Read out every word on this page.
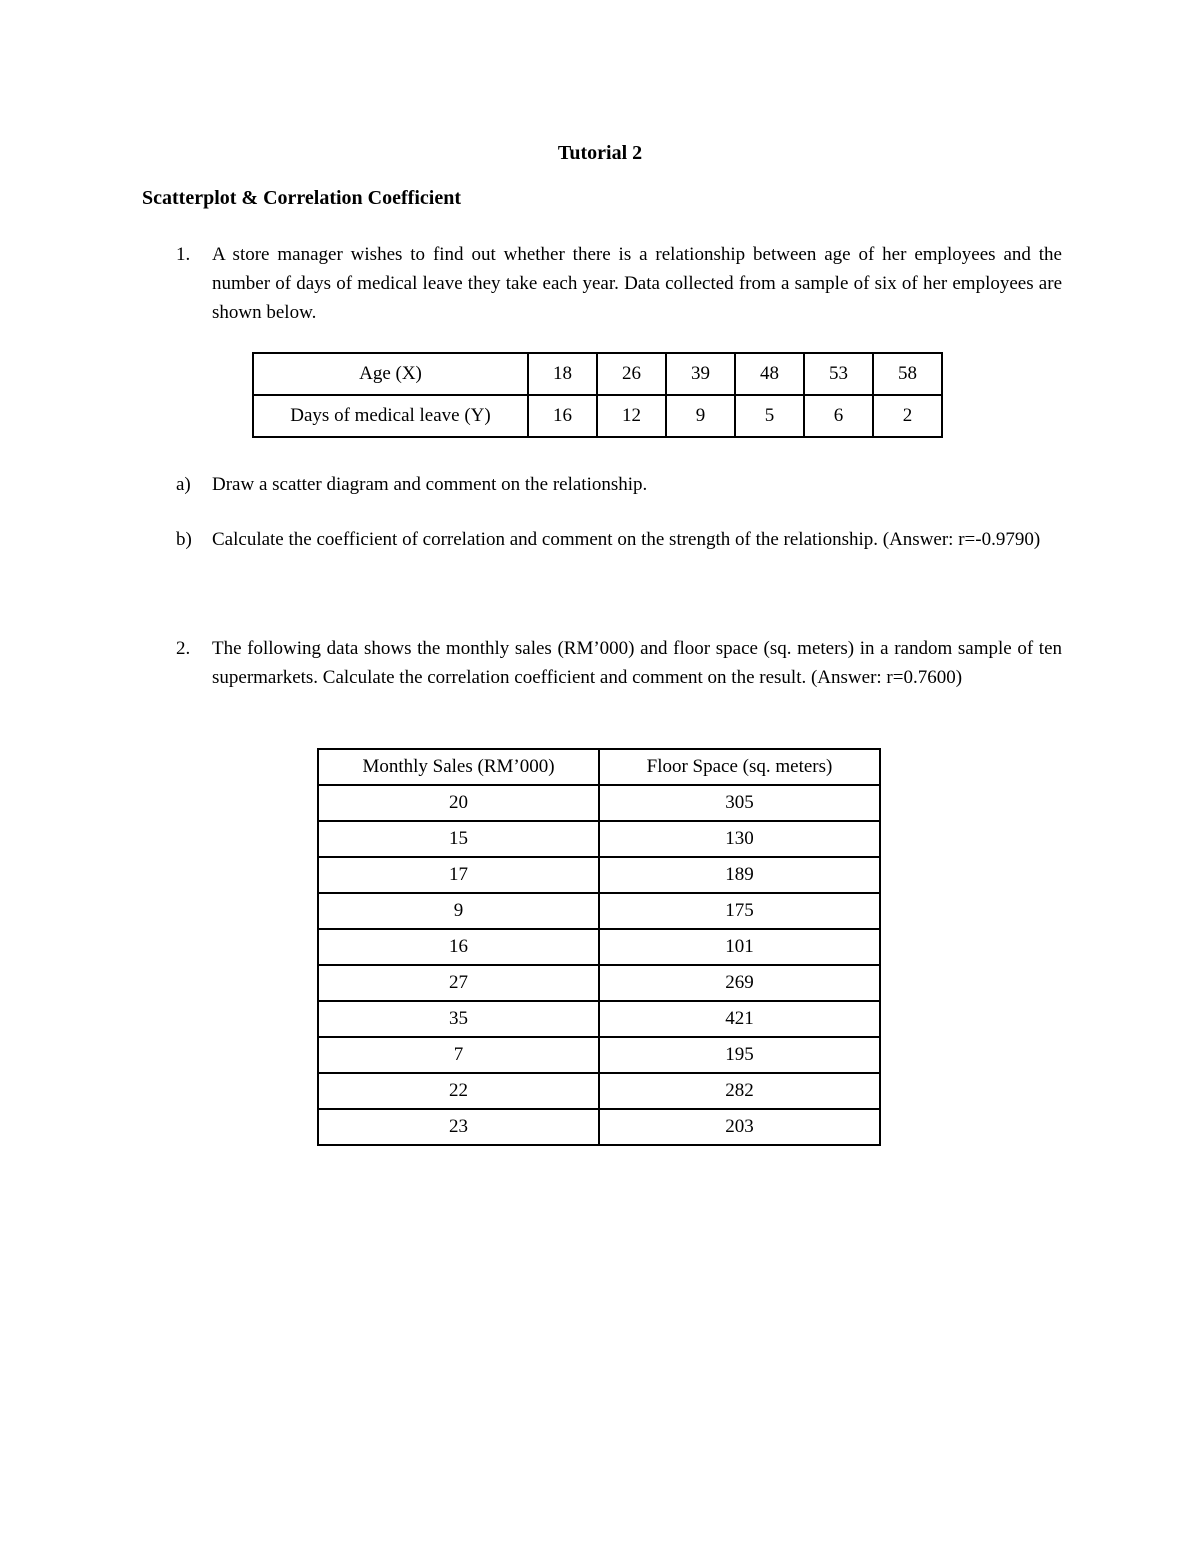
Tutorial 2
Scatterplot & Correlation Coefficient
1. A store manager wishes to find out whether there is a relationship between age of her employees and the number of days of medical leave they take each year. Data collected from a sample of six of her employees are shown below.
Age (X)	18	26	39	48	53	58
Days of medical leave (Y)	16	12	9	5	6	2
a) Draw a scatter diagram and comment on the relationship.
b) Calculate the coefficient of correlation and comment on the strength of the relationship. (Answer: r=-0.9790)
2. The following data shows the monthly sales (RM’000) and floor space (sq. meters) in a random sample of ten supermarkets. Calculate the correlation coefficient and comment on the result. (Answer: r=0.7600)
Monthly Sales (RM’000)	Floor Space (sq. meters)
20	305
15	130
17	189
9	175
16	101
27	269
35	421
7	195
22	282
23	203
